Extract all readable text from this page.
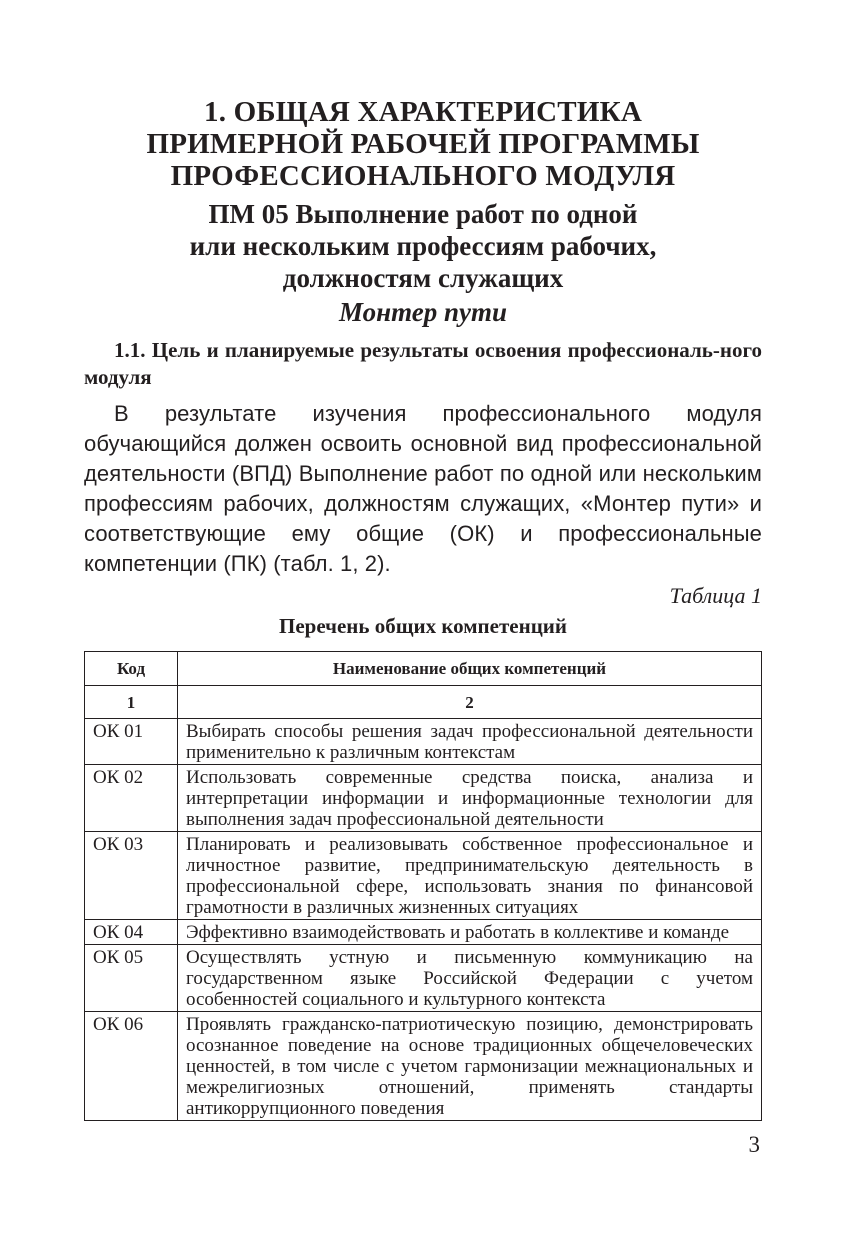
1. ОБЩАЯ ХАРАКТЕРИСТИКА
ПРИМЕРНОЙ РАБОЧЕЙ ПРОГРАММЫ
ПРОФЕССИОНАЛЬНОГО МОДУЛЯ
ПМ 05 Выполнение работ по одной
или нескольким профессиям рабочих,
должностям служащих
Монтер пути
1.1. Цель и планируемые результаты освоения профессиональ-ного модуля
В результате изучения профессионального модуля обучающийся должен освоить основной вид профессиональной деятельности (ВПД) Выполнение работ по одной или нескольким профессиям рабочих, должностям служащих, «Монтер пути» и соответствующие ему общие (ОК) и профессиональные компетенции (ПК) (табл. 1, 2).
Таблица 1
Перечень общих компетенций
Код	Наименование общих компетенций
1	2
ОК 01	Выбирать способы решения задач профессиональной деятельности применительно к различным контекстам
ОК 02	Использовать современные средства поиска, анализа и интерпретации информации и информационные технологии для выполнения задач профессиональной деятельности
ОК 03	Планировать и реализовывать собственное профессиональное и личностное развитие, предпринимательскую деятельность в профессиональной сфере, использовать знания по финансовой грамотности в различных жизненных ситуациях
ОК 04	Эффективно взаимодействовать и работать в коллективе и команде
ОК 05	Осуществлять устную и письменную коммуникацию на государственном языке Российской Федерации с учетом особенностей социального и культурного контекста
ОК 06	Проявлять гражданско-патриотическую позицию, демонстрировать осознанное поведение на основе традиционных общечеловеческих ценностей, в том числе с учетом гармонизации межнациональных и межрелигиозных отношений, применять стандарты антикоррупционного поведения
3
